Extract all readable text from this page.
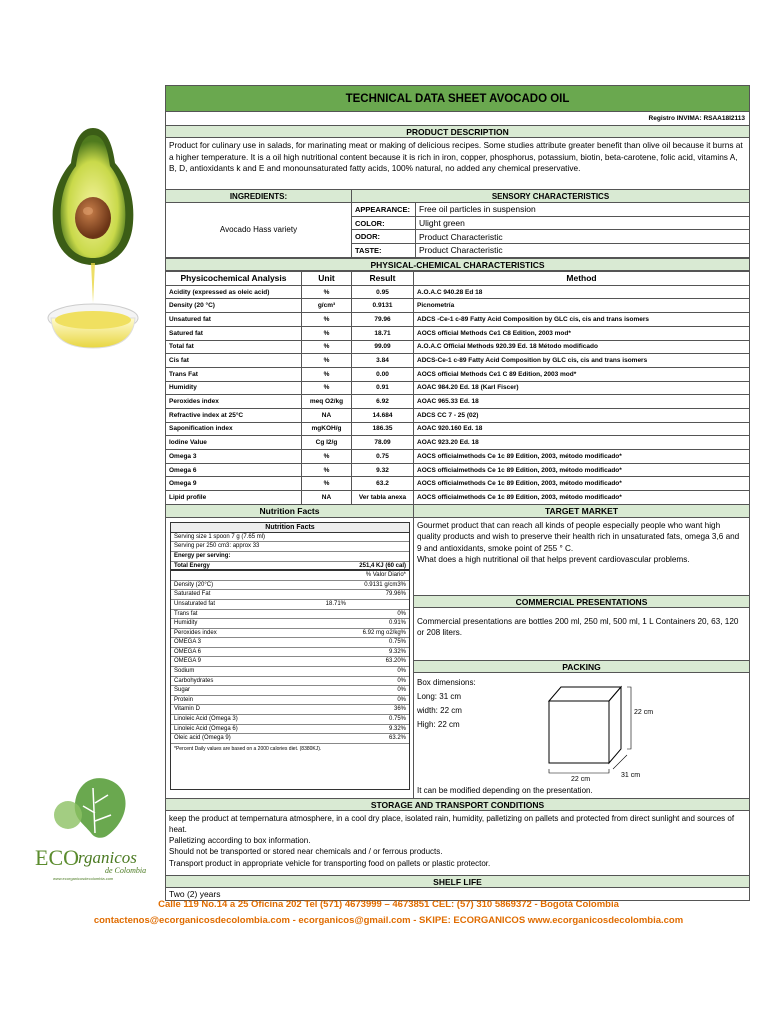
ECO rganicos
de Colombia
www.ecorganicosdecolombia.com
TECHNICAL DATA SHEET AVOCADO OIL
Registro INVIMA: RSAA18I2113
PRODUCT DESCRIPTION
Product for culinary use in salads, for marinating meat or making of delicious recipes. Some studies attribute greater benefit than olive oil because it burns at a higher temperature. It is a oil high nutritional content because it is rich in iron, copper, phosphorus, potassium, biotin, beta-carotene, folic acid, vitamins A, B, D, antioxidants k and E and monounsaturated fatty acids, 100% natural, no added any chemical preservative.
INGREDIENTS:	SENSORY CHARACTERISTICS	
Avocado Hass variety	APPEARANCE:	Free oil particles in suspension
	COLOR:	Ulight green
	ODOR:	Product Characteristic
	TASTE:	Product Characteristic
PHYSICAL-CHEMICAL CHARACTERISTICS
Physicochemical Analysis	Unit	Result	Method
Acidity (expressed as oleic acid)	%	0.95	A.O.A.C 940.28 Ed 18
Density (20 °C)	g/cm³	0.9131	Picnometría
Unsatured fat	%	79.96	ADCS -Ce-1 c-89 Fatty Acid Composition by GLC cis, cis and trans isomers
Satured fat	%	18.71	AOCS official Methods Ce1 C8 Edition, 2003 mod*
Total fat	%	99.09	A.O.A.C Official Methods 920.39 Ed. 18 Método modificado
Cis fat	%	3.84	ADCS-Ce-1 c-89 Fatty Acid Composition by GLC cis, cis and trans isomers
Trans Fat	%	0.00	AOCS official Methods Ce1 C 89 Edition, 2003 mod*
Humidity	%	0.91	AOAC 984.20 Ed. 18 (Karl Fiscer)
Peroxides index	meq O2/kg	6.92	AOAC 965.33 Ed. 18
Refractive index at 25°C	NA	14.684	ADCS CC 7 - 25 (02)
Saponification index	mgKOH/g	186.35	AOAC 920.160 Ed. 18
Iodine Value	Cg I2/g	78.09	AOAC 923.20 Ed. 18
Omega 3	%	0.75	AOCS officialmethods Ce 1c 89 Edition, 2003, método modificado*
Omega 6	%	9.32	AOCS officialmethods Ce 1c 89 Edition, 2003, método modificado*
Omega 9	%	63.2	AOCS officialmethods Ce 1c 89 Edition, 2003, método modificado*
Lipid profile	NA	Ver tabla anexa	AOCS officialmethods Ce 1c 89 Edition, 2003, método modificado*
Nutrition Facts
Nutrition Facts
Serving size 1 spoon 7 g (7.65 ml)
Serving per 250 cm3: approx 33
Energy per serving:
Total Energy	251,4 KJ (60 cal)
% Valor Diario*
Density (20°C)	0.9131 g/cm3%
Saturated Fat	79.96%
Unsaturated fat	18.71%
Trans fat	0%
Humidity	0.91%
Peroxides index	6.92 mg o2/kg%
OMEGA 3	0.75%
OMEGA 6	9.32%
OMEGA 9	63.20%
Sodium	0%
Carbohydrates	0%
Sugar	0%
Protein	0%
Vitamin D	36%
Linoleic Acid (Omega 3)	0.75%
Linoleic Acid (Omega 6)	9.32%
Oleic acid (Omega 9)	63.2%
*Percent Daily values are based on a 2000 calories diet. (8380KJ).
TARGET MARKET
Gourmet product that can reach all kinds of people especially people who want high quality products and wish to preserve their health rich in unsaturated fats, omega 3,6 and 9 and antioxidants, smoke point of 255 ° C.
What does a high nutritional oil that helps prevent cardiovascular problems.
COMMERCIAL PRESENTATIONS
Commercial presentations are bottles 200 ml, 250 ml, 500 ml, 1 L Containers 20, 63, 120 or 208 liters.
PACKING
Box dimensions:
Long: 31 cm
width: 22 cm
High: 22 cm
22 cm
31 cm
22 cm
It can be modified depending on the presentation.
STORAGE AND TRANSPORT CONDITIONS
keep the product at tempernatura atmosphere, in a cool dry place, isolated rain, humidity, palletizing on pallets and protected from direct sunlight and sources of heat.
Palletizing according to box information.
Should not be transported or stored near chemicals and / or ferrous products.
Transport product in appropriate vehicle for transporting food on pallets or plastic protector.
SHELF LIFE
Two (2) years
Calle 119 No.14 a 25 Oficina 202 Tel (571) 4673999 – 4673851 CEL: (57) 310 5869372 - Bogotá Colombia
contactenos@ecorganicosdecolombia.com - ecorganicos@gmail.com - SKIPE: ECORGANICOS www.ecorganicosdecolombia.com
